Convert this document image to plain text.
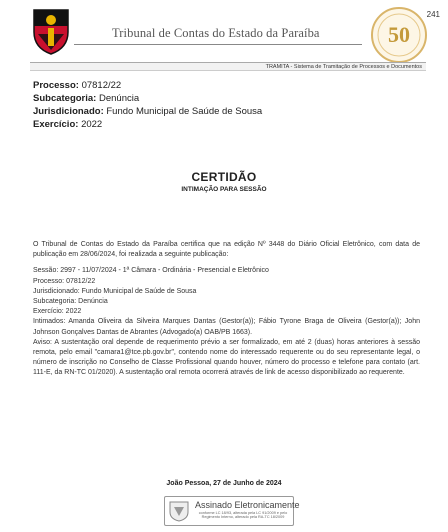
241
Tribunal de Contas do Estado da Paraíba	50
TRAMITA - Sistema de Tramitação de Processos e Documentos
Processo: 07812/22
Subcategoria: Denúncia
Jurisdicionado: Fundo Municipal de Saúde de Sousa
Exercício: 2022
CERTIDÃO
INTIMAÇÃO PARA SESSÃO

O Tribunal de Contas do Estado da Paraíba certifica que na edição Nº 3448 do Diário Oficial Eletrônico, com data de publicação em 28/06/2024, foi realizada a seguinte publicação:

Sessão: 2997 - 11/07/2024 - 1ª Câmara - Ordinária - Presencial e Eletrônico

Processo: 07812/22

Jurisdicionado: Fundo Municipal de Saúde de Sousa

Subcategoria: Denúncia

Exercício: 2022

Intimados: Amanda Oliveira da Silveira Marques Dantas (Gestor(a)); Fábio Tyrone Braga de Oliveira (Gestor(a)); John Johnson Gonçalves Dantas de Abrantes (Advogado(a) OAB/PB 1663).

Aviso: A sustentação oral depende de requerimento prévio a ser formalizado, em até 2 (duas) horas anteriores à sessão remota, pelo email "camara1@tce.pb.gov.br", contendo nome do interessado requerente ou do seu representante legal, o número de inscrição no Conselho de Classe Profissional quando houver, número do processo e telefone para contato (art. 111-E, da RN-TC 01/2020). A sustentação oral remota ocorrerá através de link de acesso disponibilizado ao requerente.

João Pessoa, 27 de Junho de 2024
Assinado Eletronicamente
conforme LC 18/93, alterada pela LC 91/2009 e pelo Regimento Interno, alterado pela RA-TC 18/2009
